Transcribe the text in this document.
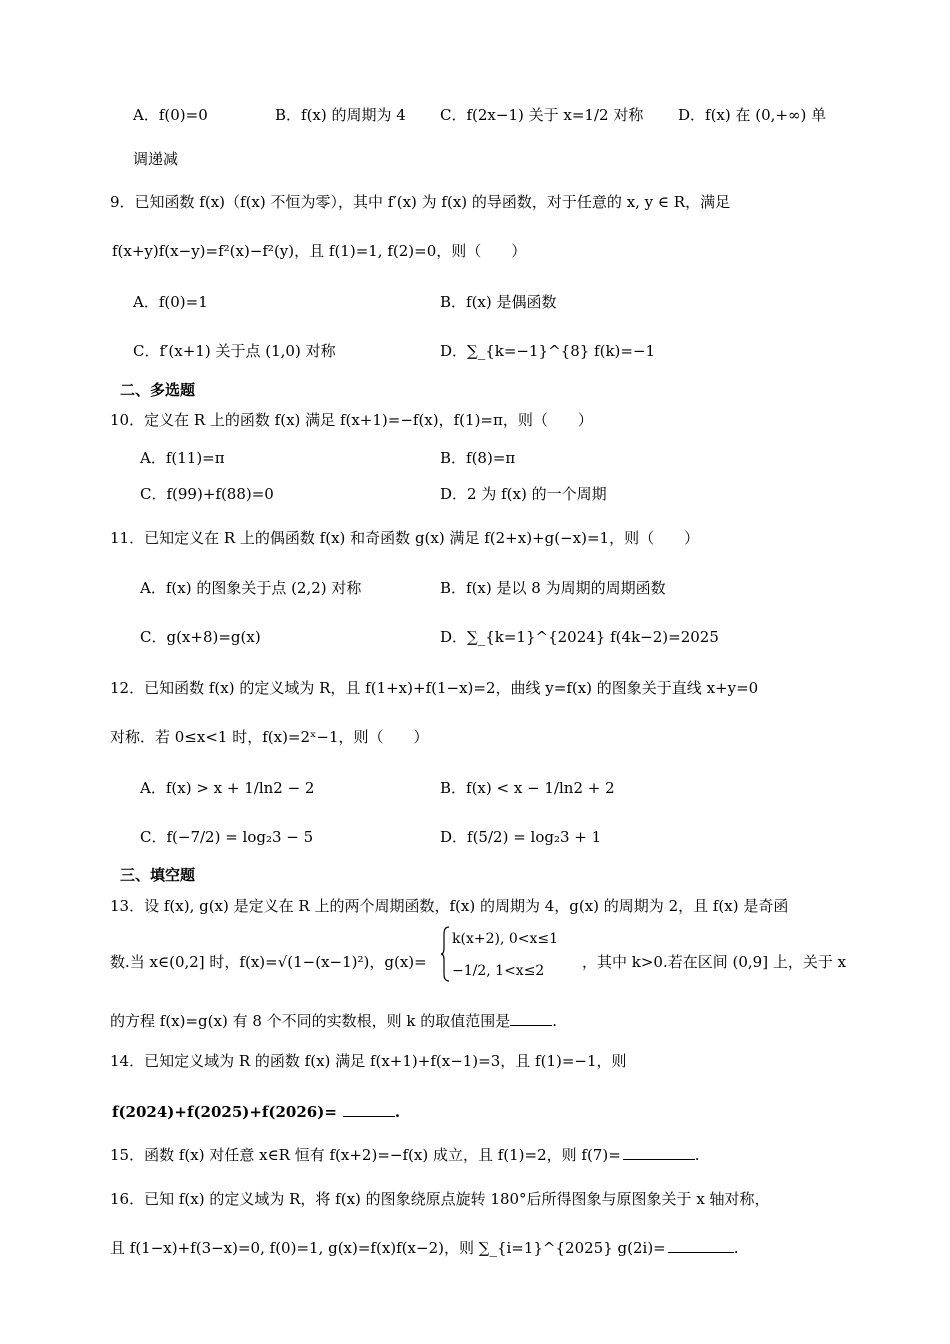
A．f(0)=0	B．f(x) 的周期为 4 C．f(2x−1) 关于 x=1/2 对称 D．f(x) 在 (0,+∞) 单
调递减
9．已知函数 f(x)（f(x) 不恒为零），其中 f′(x) 为 f(x) 的导函数，对于任意的 x, y ∈ R，满足
f(x+y)f(x−y)=f²(x)−f²(y)，且 f(1)=1, f(2)=0，则（　　）
A．f(0)=1	B．f(x) 是偶函数
C．f′(x+1) 关于点 (1,0) 对称	D．∑_{k=−1}^{8} f(k)=−1
二、多选题
10．定义在 R 上的函数 f(x) 满足 f(x+1)=−f(x)，f(1)=π，则（　　）
A．f(11)=π	B．f(8)=π
C．f(99)+f(88)=0	D．2 为 f(x) 的一个周期
11．已知定义在 R 上的偶函数 f(x) 和奇函数 g(x) 满足 f(2+x)+g(−x)=1，则（　　）
A．f(x) 的图象关于点 (2,2) 对称	B．f(x) 是以 8 为周期的周期函数
C．g(x+8)=g(x)	D．∑_{k=1}^{2024} f(4k−2)=2025
12．已知函数 f(x) 的定义域为 R，且 f(1+x)+f(1−x)=2，曲线 y=f(x) 的图象关于直线 x+y=0
对称．若 0≤x<1 时，f(x)=2ˣ−1，则（　　）
A．f(x) > x + 1/ln2 − 2	B．f(x) < x − 1/ln2 + 2
C．f(−7/2) = log₂3 − 5	D．f(5/2) = log₂3 + 1
三、填空题
13．设 f(x), g(x) 是定义在 R 上的两个周期函数，f(x) 的周期为 4，g(x) 的周期为 2，且 f(x) 是奇函
数.当 x∈(0,2] 时，f(x)=√(1−(x−1)²)，g(x)=
k(x+2), 0<x≤1
−1/2, 1<x≤2	，其中 k>0.若在区间 (0,9] 上，关于 x
的方程 f(x)=g(x) 有 8 个不同的实数根，则 k 的取值范围是	.
14．已知定义域为 R 的函数 f(x) 满足 f(x+1)+f(x−1)=3，且 f(1)=−1，则
f(2024)+f(2025)+f(2026)=	.
15．函数 f(x) 对任意 x∈R 恒有 f(x+2)=−f(x) 成立，且 f(1)=2，则 f(7)=	.
16．已知 f(x) 的定义域为 R，将 f(x) 的图象绕原点旋转 180°后所得图象与原图象关于 x 轴对称，
且 f(1−x)+f(3−x)=0, f(0)=1, g(x)=f(x)f(x−2)，则 ∑_{i=1}^{2025} g(2i)=	.
